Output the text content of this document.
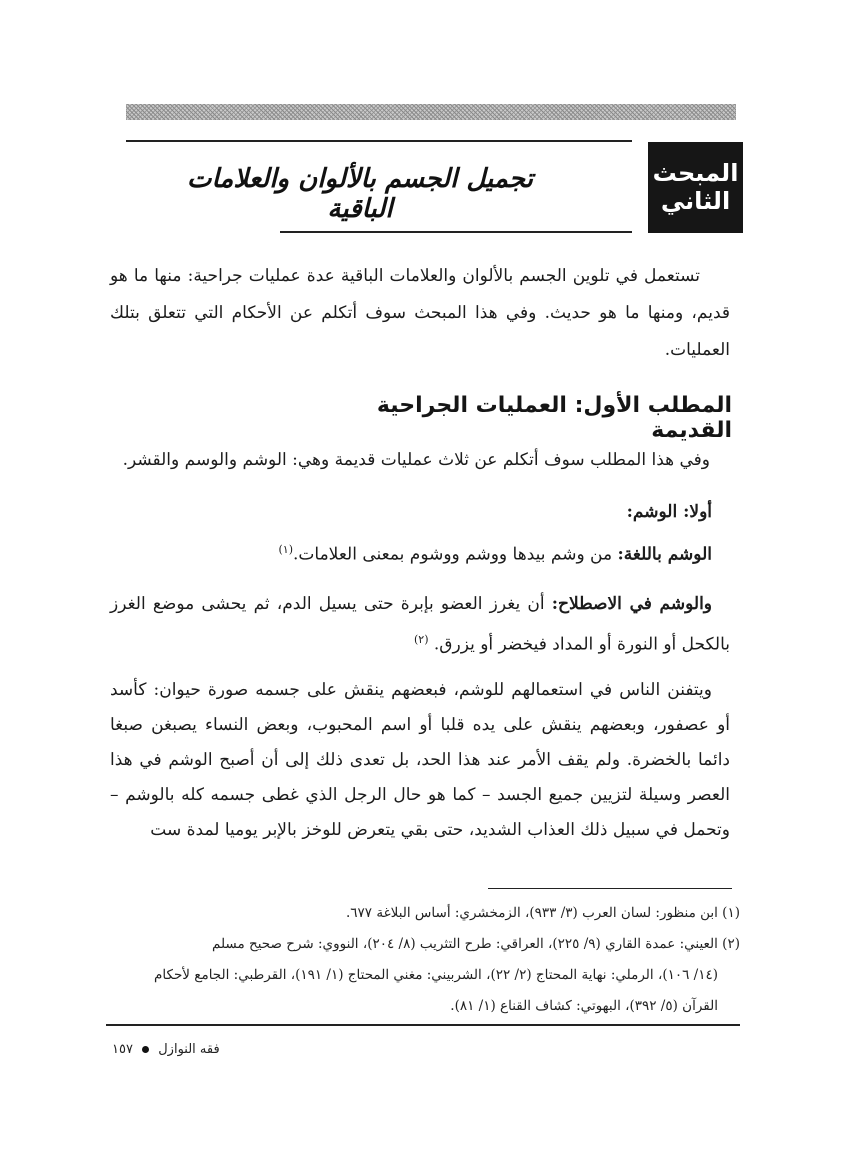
المبحث
الثاني
تجميل الجسم بالألوان والعلامات الباقية

تستعمل في تلوين الجسم بالألوان والعلامات الباقية عدة عمليات جراحية: منها ما هو قديم، ومنها ما هو حديث. وفي هذا المبحث سوف أتكلم عن الأحكام التي تتعلق بتلك العمليات.

المطلب الأول: العمليات الجراحية القديمة
وفي هذا المطلب سوف أتكلم عن ثلاث عمليات قديمة وهي: الوشم والوسم والقشر.
أولا: الوشم:
الوشم باللغة: من وشم بيدها ووشم ووشوم بمعنى العلامات.$^{(١)}$

والوشم في الاصطلاح: أن يغرز العضو بإبرة حتى يسيل الدم، ثم يحشى موضع الغرز بالكحل أو النورة أو المداد فيخضر أو يزرق. $^{(٢)}$

ويتفنن الناس في استعمالهم للوشم، فبعضهم ينقش على جسمه صورة حيوان: كأسد أو عصفور، وبعضهم ينقش على يده قلبا أو اسم المحبوب، وبعض النساء يصبغن صبغا دائما بالخضرة. ولم يقف الأمر عند هذا الحد، بل تعدى ذلك إلى أن أصبح الوشم في هذا العصر وسيلة لتزيين جميع الجسد – كما هو حال الرجل الذي غطى جسمه كله بالوشم – وتحمل في سبيل ذلك العذاب الشديد، حتى بقي يتعرض للوخز بالإبر يوميا لمدة ست

(١) ابن منظور: لسان العرب (٣/ ٩٣٣)، الزمخشري: أساس البلاغة ٦٧٧.

(٢) العيني: عمدة القاري (٩/ ٢٢٥)، العراقي: طرح التثريب (٨/ ٢٠٤)، النووي: شرح صحيح مسلم

(١٤/ ١٠٦)، الرملي: نهاية المحتاج (٢/ ٢٢)، الشربيني: مغني المحتاج (١/ ١٩١)، القرطبي: الجامع لأحكام

القرآن (٥/ ٣٩٢)، البهوتي: كشاف القناع (١/ ٨١).

فقه النوازل  ١٥٧
